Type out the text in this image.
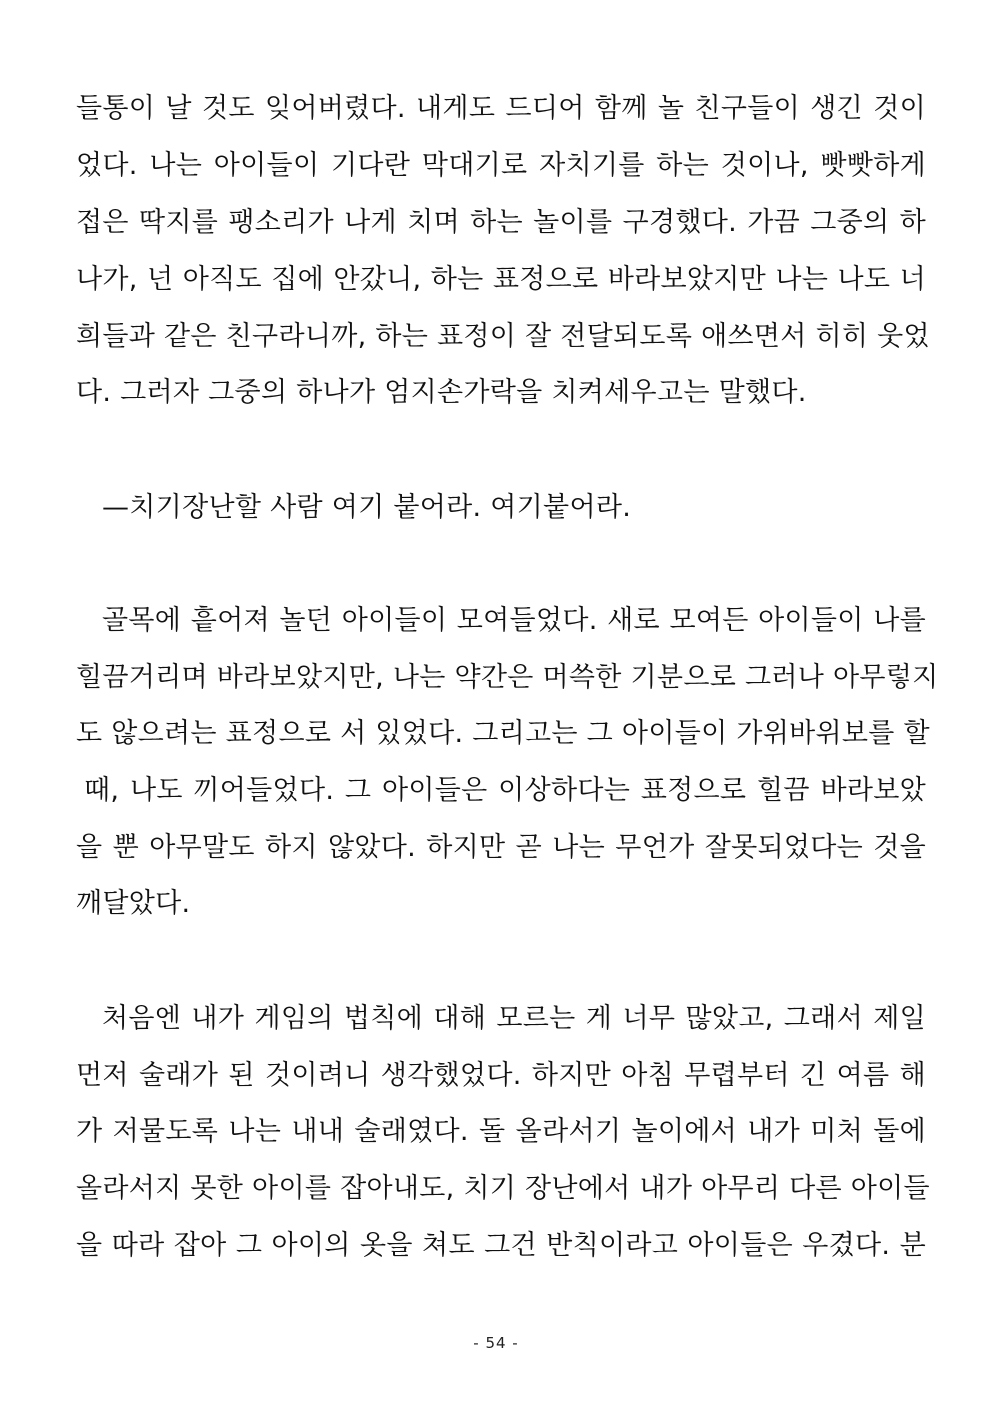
들통이 날 것도 잊어버렸다. 내게도 드디어 함께 놀 친구들이 생긴 것이
었다. 나는 아이들이 기다란 막대기로 자치기를 하는 것이나, 빳빳하게
접은 딱지를 팽소리가 나게 치며 하는 놀이를 구경했다. 가끔 그중의 하
나가, 넌 아직도 집에 안갔니, 하는 표정으로 바라보았지만 나는 나도 너
희들과 같은 친구라니까, 하는 표정이 잘 전달되도록 애쓰면서 히히 웃었
다. 그러자 그중의 하나가 엄지손가락을 치켜세우고는 말했다.
—치기장난할 사람 여기 붙어라. 여기붙어라.
골목에 흩어져 놀던 아이들이 모여들었다. 새로 모여든 아이들이 나를
힐끔거리며 바라보았지만, 나는 약간은 머쓱한 기분으로 그러나 아무렇지
도 않으려는 표정으로 서 있었다. 그리고는 그 아이들이 가위바위보를 할
때, 나도 끼어들었다. 그 아이들은 이상하다는 표정으로 힐끔 바라보았
을 뿐 아무말도 하지 않았다. 하지만 곧 나는 무언가 잘못되었다는 것을
깨달았다.
처음엔 내가 게임의 법칙에 대해 모르는 게 너무 많았고, 그래서 제일
먼저 술래가 된 것이려니 생각했었다. 하지만 아침 무렵부터 긴 여름 해
가 저물도록 나는 내내 술래였다. 돌 올라서기 놀이에서 내가 미처 돌에
올라서지 못한 아이를 잡아내도, 치기 장난에서 내가 아무리 다른 아이들
을 따라 잡아 그 아이의 옷을 쳐도 그건 반칙이라고 아이들은 우겼다. 분
- 54 -
